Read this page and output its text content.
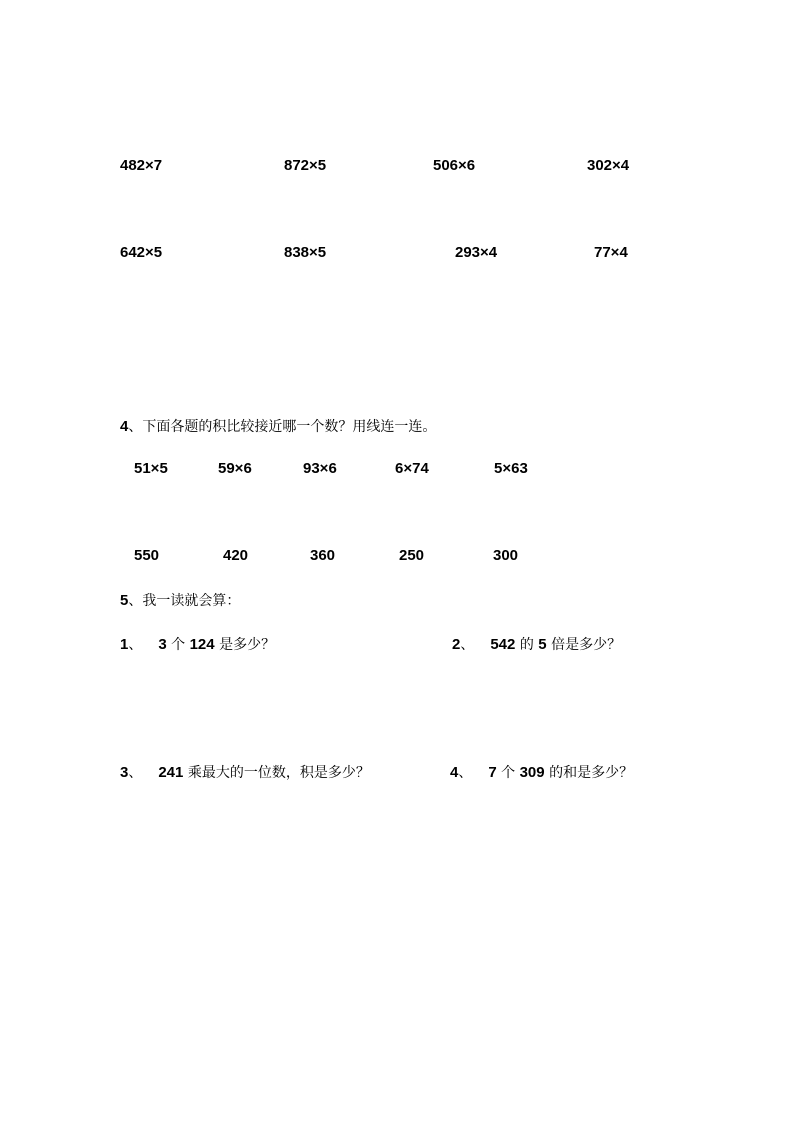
482×7	872×5	506×6	302×4
642×5	838×5	293×4	77×4
4、下面各题的积比较接近哪一个数？用线连一连。
51×5	59×6	93×6	6×74	5×63
550	420	360	250	300
5、我一读就会算：
1、 3 个 124 是多少？	2、 542 的 5 倍是多少？
3、 241 乘最大的一位数，积是多少？	4、 7 个 309 的和是多少？
